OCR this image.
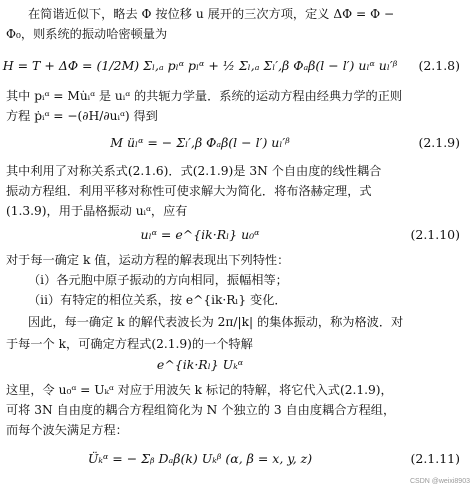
在简谐近似下，略去 Φ 按位移 u 展开的三次方项，定义 ΔΦ = Φ −
Φ₀，则系统的振动哈密顿量为
H = T + ΔΦ = (1/2M) Σₗ,ₐ pₗᵅ pₗᵅ + ½ Σₗ,ₐ Σₗ′,β Φₐβ(l − l′) uₗᵅ uₗ′ᵝ (2.1.8)
其中 pᵢᵅ = Mu̇ᵢᵅ 是 uᵢᵅ 的共轭力学量．系统的运动方程由经典力学的正则
方程 ṗᵢᵅ = −(∂H/∂uᵢᵅ) 得到
M üₗᵅ = − Σₗ′,β Φₐβ(l − l′) uₗ′ᵝ	(2.1.9)
其中利用了对称关系式(2.1.6)．式(2.1.9)是 3N 个自由度的线性耦合
振动方程组．利用平移对称性可使求解大为简化．将布洛赫定理，式
(1.3.9)，用于晶格振动 uᵢᵅ，应有
uₗᵅ = e^{ik·Rₗ} u₀ᵅ	(2.1.10)
对于每一确定 k 值，运动方程的解表现出下列特性：
（i）各元胞中原子振动的方向相同，振幅相等；
（ii）有特定的相位关系，按 e^{ik·Rₗ} 变化．
因此，每一确定 k 的解代表波长为 2π/|k| 的集体振动，称为格波．对
于每一个 k，可确定方程式(2.1.9)的一个特解
e^{ik·Rₗ} Uₖᵅ
这里，令 u₀ᵅ = Uₖᵅ 对应于用波矢 k 标记的特解，将它代入式(2.1.9)，
可将 3N 自由度的耦合方程组简化为 N 个独立的 3 自由度耦合方程组，
而每个波矢满足方程：
Üₖᵅ = − Σᵦ Dₐβ(k) Uₖᵝ (α, β = x, y, z)	(2.1.11)
CSDN @weixi8903
